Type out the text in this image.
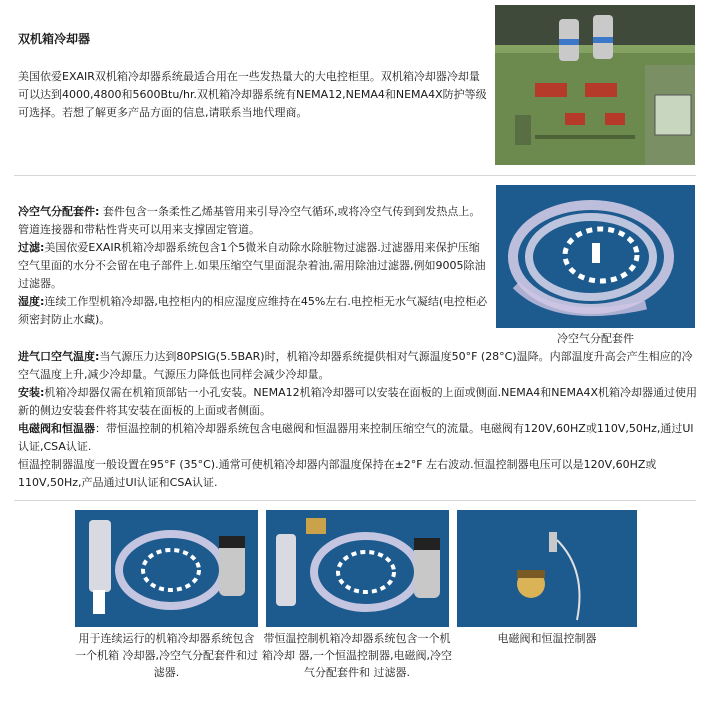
双机箱冷却器
美国依爱EXAIR双机箱冷却器系统最适合用在一些发热量大的大电控柜里。双机箱冷却器冷却量可以达到4000,4800和5600Btu/hr.双机箱冷却器系统有NEMA12,NEMA4和NEMA4X防护等级可选择。若想了解更多产品方面的信息,请联系当地代理商。
冷空气分配套件: 套件包含一条柔性乙烯基管用来引导冷空气循环,或将冷空气传到到发热点上。管道连接器和带粘性背夹可以用来支撑固定管道。
过滤:美国依爱EXAIR机箱冷却器系统包含1个5微米自动除水除脏物过滤器.过滤器用来保护压缩空气里面的水分不会留在电子部件上.如果压缩空气里面混杂着油,需用除油过滤器,例如9005除油过滤器。
湿度:连续工作型机箱冷却器,电控柜内的相应湿度应维持在45%左右.电控柜无水气凝结(电控柜必须密封防止水藏)。
冷空气分配套件
进气口空气温度:当气源压力达到80PSIG(5.5BAR)时，机箱冷却器系统提供相对气源温度50°F (28°C)温降。内部温度升高会产生相应的冷空气温度上升,减少冷却量。气源压力降低也同样会减少冷却量。
安装:机箱冷却器仅需在机箱顶部钻一小孔安装。NEMA12机箱冷却器可以安装在面板的上面或侧面.NEMA4和NEMA4X机箱冷却器通过使用新的侧边安装套件将其安装在面板的上面或者侧面。
电磁阀和恒温器：带恒温控制的机箱冷却器系统包含电磁阀和恒温器用来控制压缩空气的流量。电磁阀有120V,60HZ或110V,50Hz,通过Ul认证,CSA认证.
恒温控制器温度一般设置在95°F (35°C).通常可使机箱冷却器内部温度保持在±2°F 左右波动.恒温控制器电压可以是120V,60HZ或110V,50Hz,产品通过Ul认证和CSA认证.
用于连续运行的机箱冷却器系统包含一个机箱 冷却器,冷空气分配套件和过滤器.
带恒温控制机箱冷却器系统包含一个机箱冷却 器,一个恒温控制器,电磁阀,冷空气分配套件和 过滤器.
电磁阀和恒温控制器
